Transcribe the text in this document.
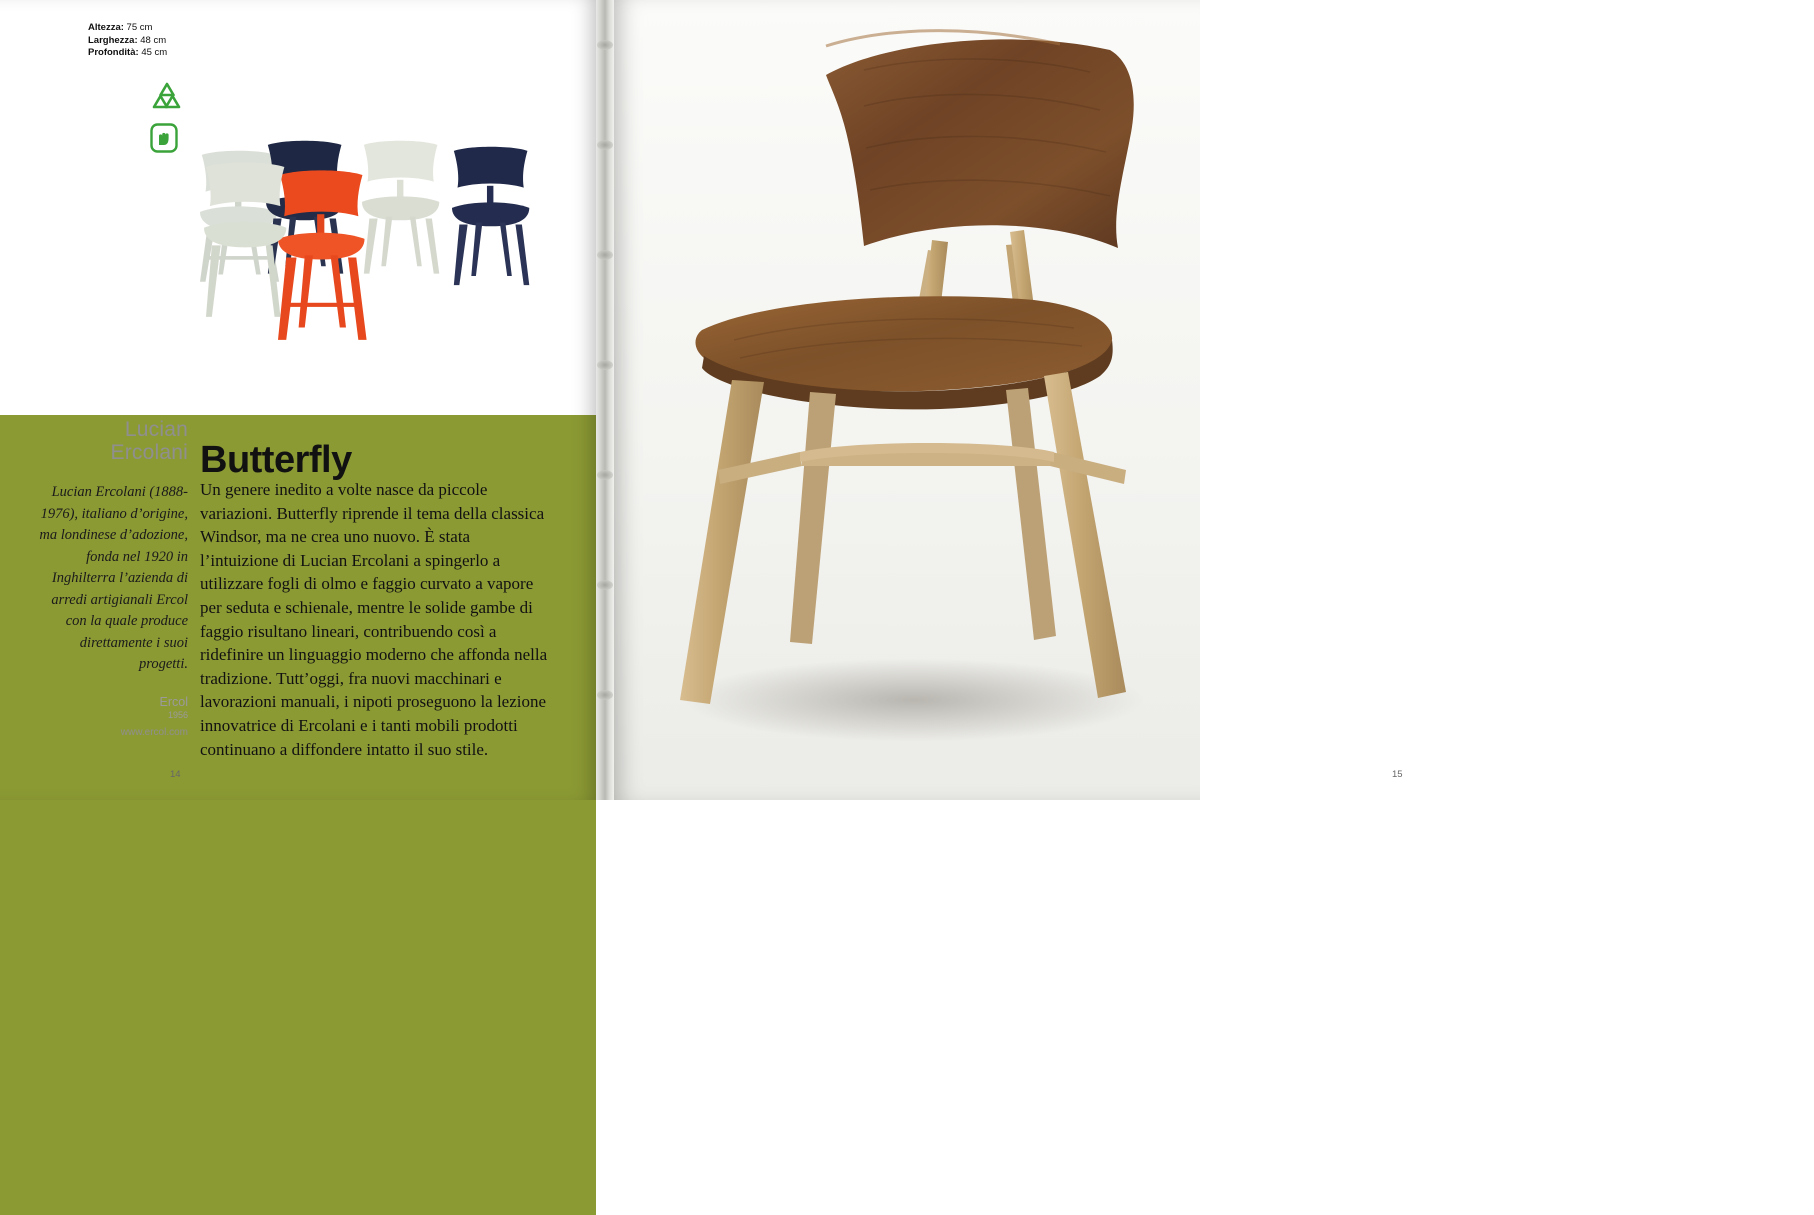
Altezza: 75 cm
Larghezza: 48 cm
Profondità: 45 cm
Lucian
Ercolani
Lucian Ercolani (1888-1976), italiano d’origine, ma londinese d’adozione, fonda nel 1920 in Inghilterra l’azienda di arredi artigianali Ercol con la quale produce direttamente i suoi progetti.
Ercol
1956
www.ercol.com
Butterfly
Un genere inedito a volte nasce da piccole variazioni. Butterfly riprende il tema della classica Windsor, ma ne crea uno nuovo. È stata l’intuizione di Lucian Ercolani a spingerlo a utilizzare fogli di olmo e faggio curvato a vapore per seduta e schienale, mentre le solide gambe di faggio risultano lineari, contribuendo così a ridefinire un linguaggio moderno che affonda nella tradizione. Tutt’oggi, fra nuovi macchinari e lavorazioni manuali, i nipoti proseguono la lezione innovatrice di Ercolani e i tanti mobili prodotti continuano a diffondere intatto il suo stile.
14	15
